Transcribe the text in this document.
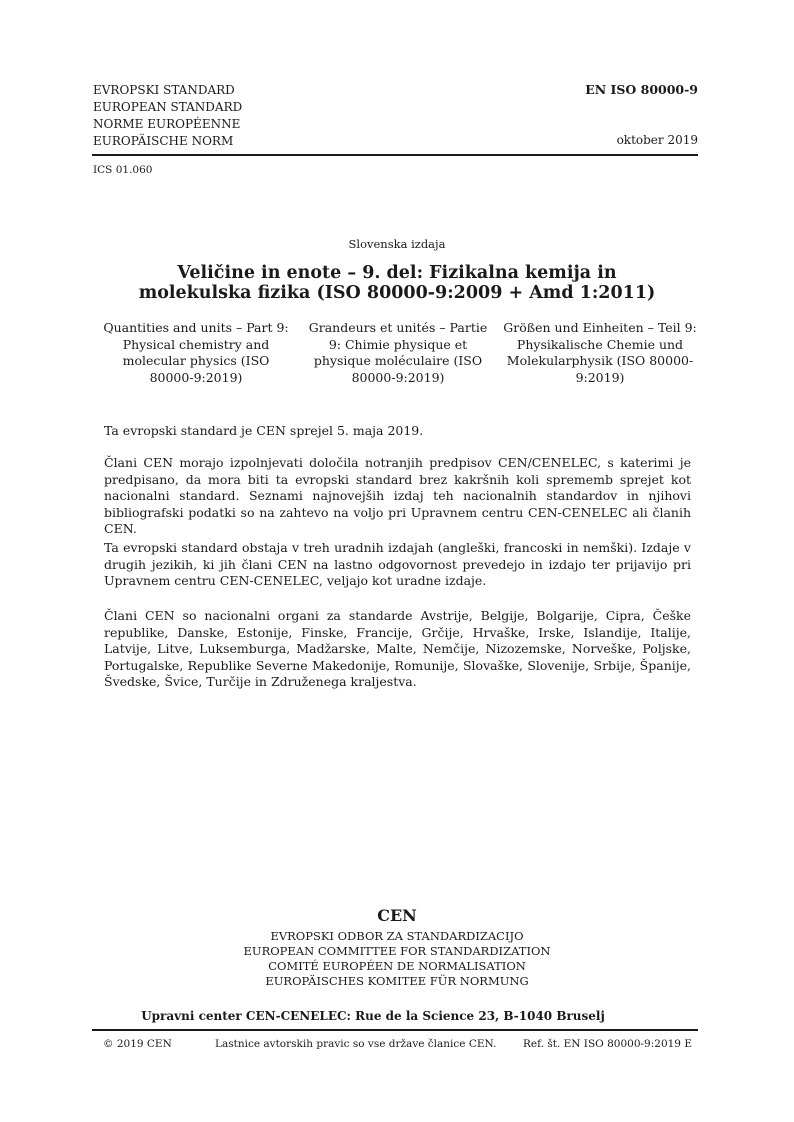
EVROPSKI STANDARD
EUROPEAN STANDARD
NORME EUROPÉENNE
EUROPÄISCHE NORM
EN ISO 80000-9
oktober 2019
ICS 01.060
Slovenska izdaja
Veličine in enote – 9. del: Fizikalna kemija in molekulska fizika (ISO 80000-9:2009 + Amd 1:2011)
Quantities and units – Part 9: Physical chemistry and molecular physics (ISO 80000-9:2019)
Grandeurs et unités – Partie 9: Chimie physique et physique moléculaire (ISO 80000-9:2019)
Größen und Einheiten – Teil 9: Physikalische Chemie und Molekularphysik (ISO 80000-9:2019)
Ta evropski standard je CEN sprejel 5. maja 2019.
Člani CEN morajo izpolnjevati določila notranjih predpisov CEN/CENELEC, s katerimi je predpisano, da mora biti ta evropski standard brez kakršnih koli sprememb sprejet kot nacionalni standard. Seznami najnovejših izdaj teh nacionalnih standardov in njihovi bibliografski podatki so na zahtevo na voljo pri Upravnem centru CEN-CENELEC ali članih CEN.
Ta evropski standard obstaja v treh uradnih izdajah (angleški, francoski in nemški). Izdaje v drugih jezikih, ki jih člani CEN na lastno odgovornost prevedejo in izdajo ter prijavijo pri Upravnem centru CEN-CENELEC, veljajo kot uradne izdaje.
Člani CEN so nacionalni organi za standarde Avstrije, Belgije, Bolgarije, Cipra, Češke republike, Danske, Estonije, Finske, Francije, Grčije, Hrvaške, Irske, Islandije, Italije, Latvije, Litve, Luksemburga, Madžarske, Malte, Nemčije, Nizozemske, Norveške, Poljske, Portugalske, Republike Severne Makedonije, Romunije, Slovaške, Slovenije, Srbije, Španije, Švedske, Švice, Turčije in Združenega kraljestva.
CEN
EVROPSKI ODBOR ZA STANDARDIZACIJO
EUROPEAN COMMITTEE FOR STANDARDIZATION
COMITÉ EUROPÉEN DE NORMALISATION
EUROPÄISCHES KOMITEE FÜR NORMUNG
Upravni center CEN-CENELEC: Rue de la Science 23, B-1040 Bruselj
© 2019 CEN	Lastnice avtorskih pravic so vse države članice CEN.	Ref. št. EN ISO 80000-9:2019 E
